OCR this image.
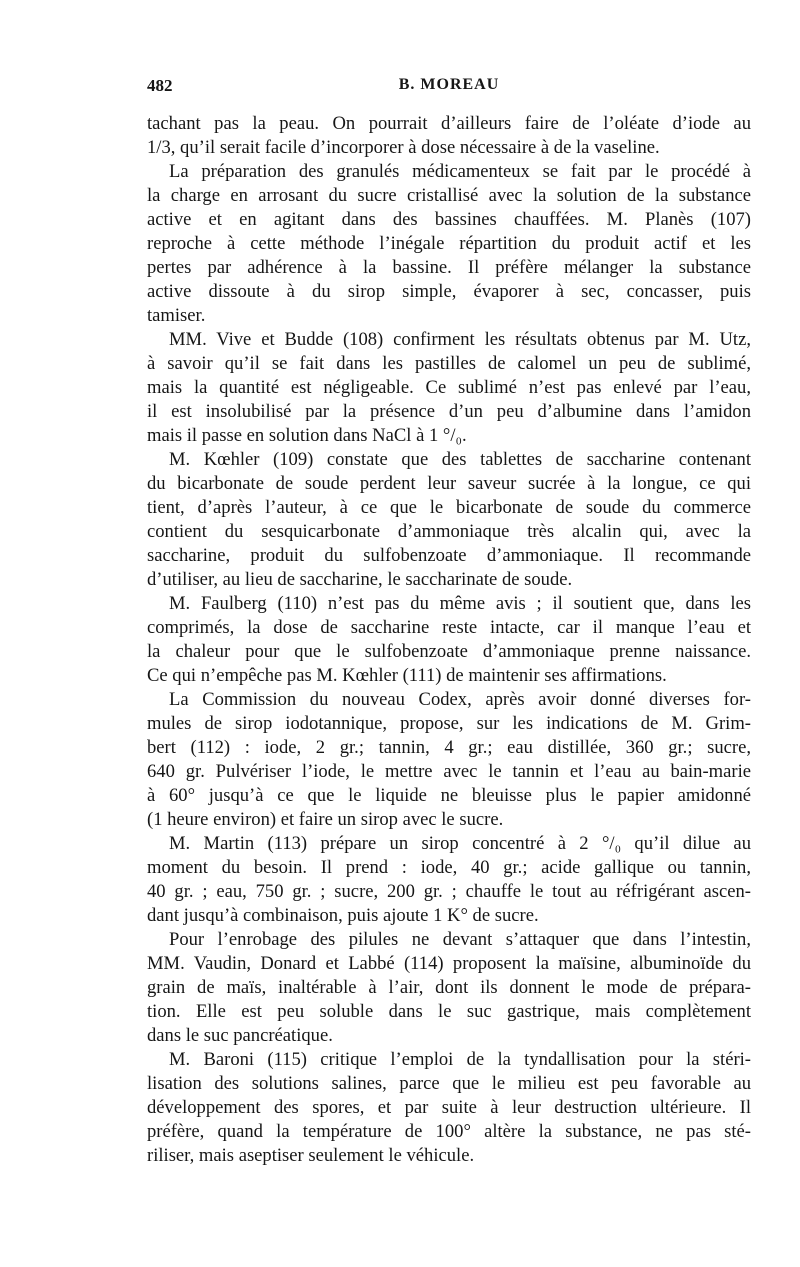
482	B. MOREAU
tachant pas la peau. On pourrait d’ailleurs faire de l’oléate d’iode au
1/3, qu’il serait facile d’incorporer à dose nécessaire à de la vaseline.
La préparation des granulés médicamenteux se fait par le procédé à
la charge en arrosant du sucre cristallisé avec la solution de la substance
active et en agitant dans des bassines chauffées. M. Planès (107)
reproche à cette méthode l’inégale répartition du produit actif et les
pertes par adhérence à la bassine. Il préfère mélanger la substance
active dissoute à du sirop simple, évaporer à sec, concasser, puis
tamiser.
MM. Vive et Budde (108) confirment les résultats obtenus par M. Utz,
à savoir qu’il se fait dans les pastilles de calomel un peu de sublimé,
mais la quantité est négligeable. Ce sublimé n’est pas enlevé par l’eau,
il est insolubilisé par la présence d’un peu d’albumine dans l’amidon
mais il passe en solution dans NaCl à 1 °/₀.
M. Kœhler (109) constate que des tablettes de saccharine contenant
du bicarbonate de soude perdent leur saveur sucrée à la longue, ce qui
tient, d’après l’auteur, à ce que le bicarbonate de soude du commerce
contient du sesquicarbonate d’ammoniaque très alcalin qui, avec la
saccharine, produit du sulfobenzoate d’ammoniaque. Il recommande
d’utiliser, au lieu de saccharine, le saccharinate de soude.
M. Faulberg (110) n’est pas du même avis ; il soutient que, dans les
comprimés, la dose de saccharine reste intacte, car il manque l’eau et
la chaleur pour que le sulfobenzoate d’ammoniaque prenne naissance.
Ce qui n’empêche pas M. Kœhler (111) de maintenir ses affirmations.
La Commission du nouveau Codex, après avoir donné diverses for-
mules de sirop iodotannique, propose, sur les indications de M. Grim-
bert (112) : iode, 2 gr.; tannin, 4 gr.; eau distillée, 360 gr.; sucre,
640 gr. Pulvériser l’iode, le mettre avec le tannin et l’eau au bain-marie
à 60° jusqu’à ce que le liquide ne bleuisse plus le papier amidonné
(1 heure environ) et faire un sirop avec le sucre.
M. Martin (113) prépare un sirop concentré à 2 °/₀ qu’il dilue au
moment du besoin. Il prend : iode, 40 gr.; acide gallique ou tannin,
40 gr. ; eau, 750 gr. ; sucre, 200 gr. ; chauffe le tout au réfrigérant ascen-
dant jusqu’à combinaison, puis ajoute 1 K° de sucre.
Pour l’enrobage des pilules ne devant s’attaquer que dans l’intestin,
MM. Vaudin, Donard et Labbé (114) proposent la maïsine, albuminoïde du
grain de maïs, inaltérable à l’air, dont ils donnent le mode de prépara-
tion. Elle est peu soluble dans le suc gastrique, mais complètement
dans le suc pancréatique.
M. Baroni (115) critique l’emploi de la tyndallisation pour la stéri-
lisation des solutions salines, parce que le milieu est peu favorable au
développement des spores, et par suite à leur destruction ultérieure. Il
préfère, quand la température de 100° altère la substance, ne pas sté-
riliser, mais aseptiser seulement le véhicule.
